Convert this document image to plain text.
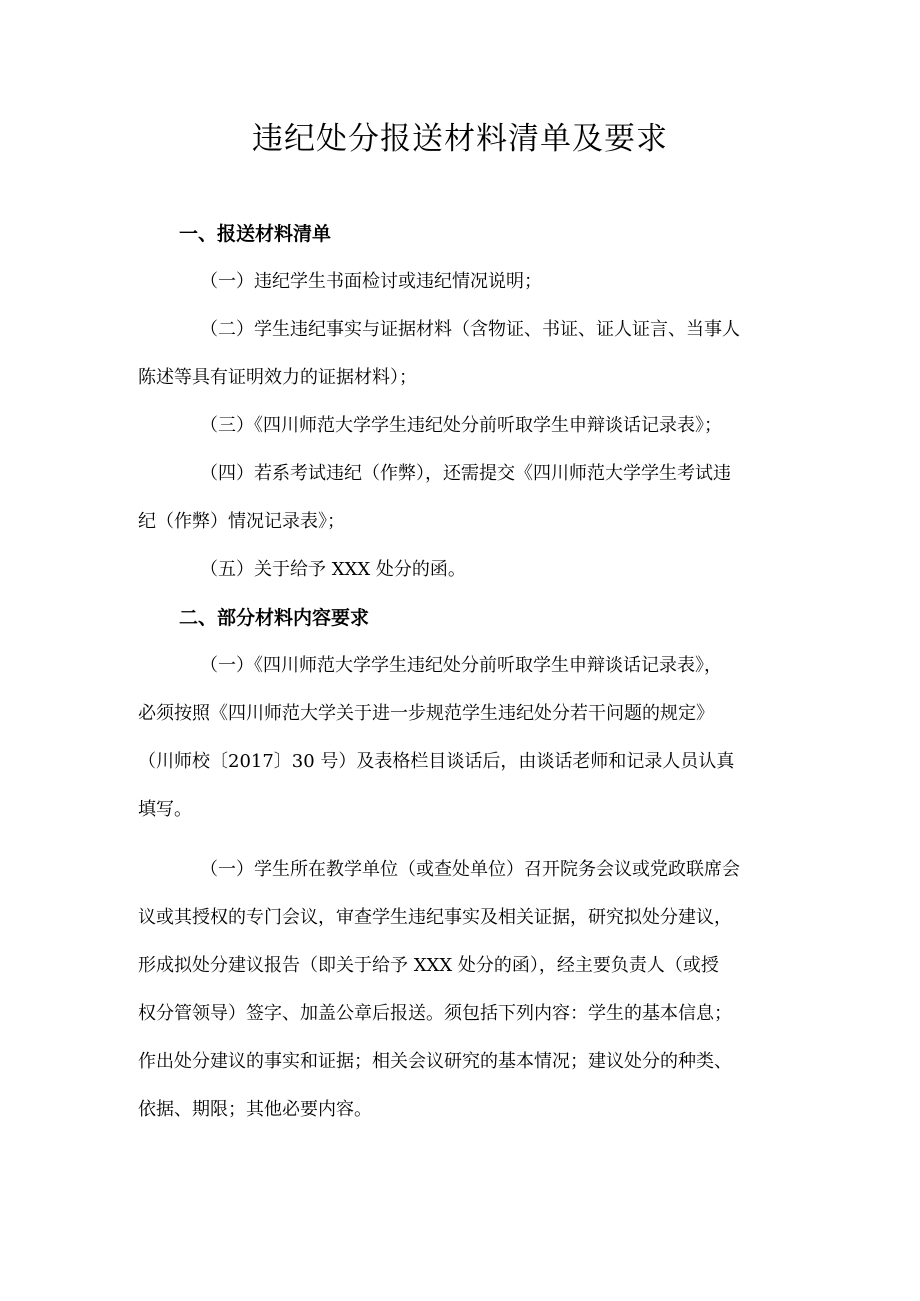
违纪处分报送材料清单及要求
一、报送材料清单

（一）违纪学生书面检讨或违纪情况说明；

（二）学生违纪事实与证据材料（含物证、书证、证人证言、当事人
陈述等具有证明效力的证据材料）；

（三）《四川师范大学学生违纪处分前听取学生申辩谈话记录表》；

（四）若系考试违纪（作弊），还需提交《四川师范大学学生考试违
纪（作弊）情况记录表》；

（五）关于给予 XXX 处分的函。

二、部分材料内容要求

（一）《四川师范大学学生违纪处分前听取学生申辩谈话记录表》，
必须按照《四川师范大学关于进一步规范学生违纪处分若干问题的规定》
（川师校〔2017〕30 号）及表格栏目谈话后，由谈话老师和记录人员认真
填写。

（一）学生所在教学单位（或查处单位）召开院务会议或党政联席会
议或其授权的专门会议，审查学生违纪事实及相关证据，研究拟处分建议，
形成拟处分建议报告（即关于给予 XXX 处分的函），经主要负责人（或授
权分管领导）签字、加盖公章后报送。须包括下列内容：学生的基本信息；
作出处分建议的事实和证据；相关会议研究的基本情况；建议处分的种类、
依据、期限；其他必要内容。
